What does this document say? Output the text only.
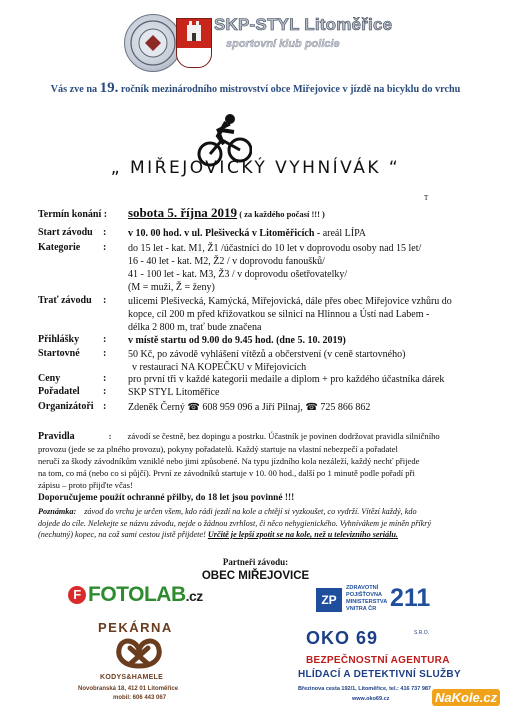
SKP-STYL Litoměřice
sportovní klub policie
Vás zve na 19. ročník mezinárodního mistrovství obce Miřejovice v jízdě na bicyklu do vrchu
„ MIŘEJOVICKÝ VYHNÍVÁK “
T
Termín konání : sobota 5. října 2019 ( za každého počasí !!! )
Start závodu : v 10. 00 hod. v ul. Plešivecká v Litoměřicích - areál LÍPA
Kategorie : do 15 let - kat. M1, Ž1 /účastníci do 10 let v doprovodu osoby nad 15 let/
16 - 40 let - kat. M2, Ž2 / v doprovodu fanoušků/
41 - 100 let - kat. M3, Ž3 / v doprovodu ošetřovatelky/
(M = muži, Ž = ženy)
Trať závodu : ulicemi Plešivecká, Kamýcká, Miřejovická, dále přes obec Miřejovice vzhůru do
kopce, cíl 200 m před křižovatkou se silnicí na Hlinnou a Ústí nad Labem -
délka 2 800 m, trať bude značena
Přihlášky : v místě startu od 9.00 do 9.45 hod. (dne 5. 10. 2019)
Startovné : 50 Kč, po závodě vyhlášení vítězů a občerstvení (v ceně startovného)
v restauraci NA KOPEČKU v Miřejovicích
Ceny	: pro první tři v každé kategorii medaile a diplom + pro každého účastníka dárek
Pořadatel : SKP STYL Litoměřice
Organizátoři : Zdeněk Černý ☎ 608 959 096 a Jiří Pilnaj, ☎ 725 866 862
Pravidla	: závodí se čestně, bez dopingu a postrku. Účastník je povinen dodržovat pravidla silničního
provozu (jede se za plného provozu), pokyny pořadatelů. Každý startuje na vlastní nebezpečí a pořadatel
neručí za škody závodníkům vzniklé nebo jimi způsobené. Na typu jízdního kola nezáleží, každý nechť přijede
na tom, co má (nebo co si půjčí). První ze závodníků startuje v 10. 00 hod., další po 1 minutě podle pořadí při
zápisu – proto přijďte včas!
Doporučujeme použít ochranné přilby, do 18 let jsou povinné !!!
Poznámka: závod do vrchu je určen všem, kdo rádi jezdí na kole a chtějí si vyzkoušet, co vydrží. Vítězí každý, kdo
dojede do cíle. Nelekejte se názvu závodu, nejde o žádnou zvrhlost, či něco nehygienického. Vyhnívákem je míněn příkrý
(nechutný) kopec, na což sami cestou jistě přijdete! Určitě je lepší zpotit se na kole, než u televizního seriálu.
Partneři závodu:
OBEC MIŘEJOVICE
F FOTOLAB.cz	ZP
ZDRAVOTNÍ
POJIŠŤOVNA
MINISTERSTVA
VNITRA ČR 211
PEKÁRNA
KODYS&HAMELE
Novobranská 18, 412 01 Litoměřice
mobil: 606 443 067
OKO 69	S.R.O.
BEZPEČNOSTNÍ AGENTURA
HLÍDACÍ A DETEKTIVNÍ SLUŽBY
Březinova cesta 192/1, Litoměřice, tel.: 416 737 987
www.oko69.cz	NaKole.cz
